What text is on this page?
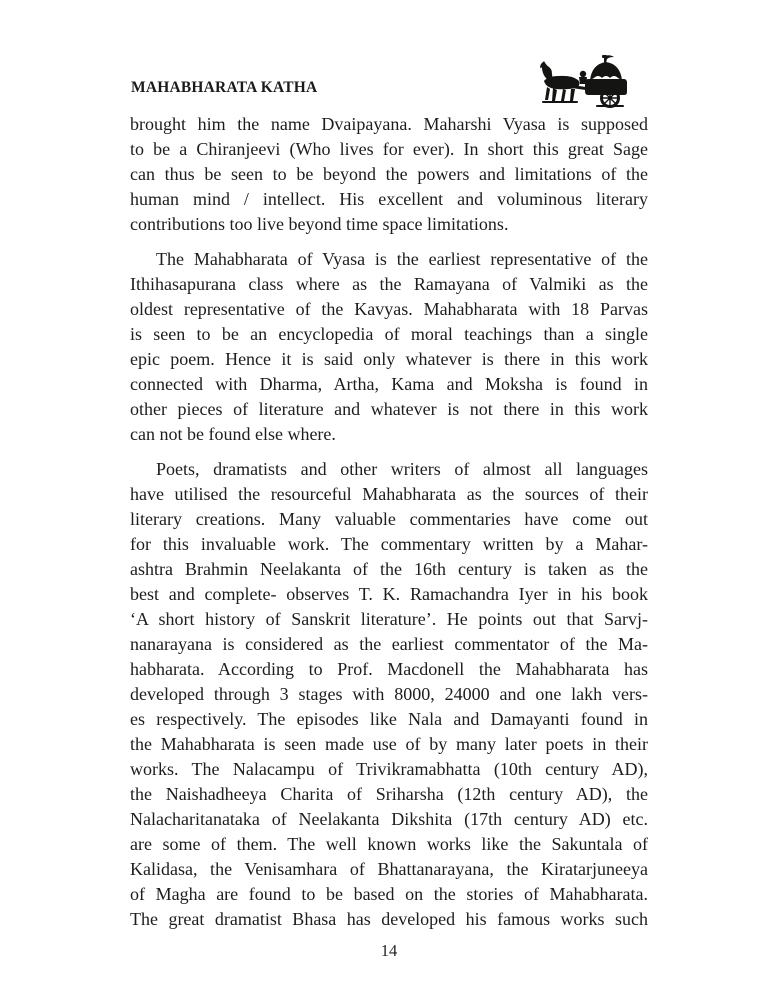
MAHABHARATA KATHA
brought him the name Dvaipayana. Maharshi Vyasa is supposed
to be a Chiranjeevi (Who lives for ever). In short this great Sage
can thus be seen to be beyond the powers and limitations of the
human mind / intellect. His excellent and voluminous literary
contributions too live beyond time space limitations.
The Mahabharata of Vyasa is the earliest representative of the
Ithihasapurana class where as the Ramayana of Valmiki as the
oldest representative of the Kavyas. Mahabharata with 18 Parvas
is seen to be an encyclopedia of moral teachings than a single
epic poem. Hence it is said only whatever is there in this work
connected with Dharma, Artha, Kama and Moksha is found in
other pieces of literature and whatever is not there in this work
can not be found else where.
Poets, dramatists and other writers of almost all languages
have utilised the resourceful Mahabharata as the sources of their
literary creations. Many valuable commentaries have come out
for this invaluable work. The commentary written by a Mahar-
ashtra Brahmin Neelakanta of the 16th century is taken as the
best and complete- observes T. K. Ramachandra Iyer in his book
‘A short history of Sanskrit literature’. He points out that Sarvj-
nanarayana is considered as the earliest commentator of the Ma-
habharata. According to Prof. Macdonell the Mahabharata has
developed through 3 stages with 8000, 24000 and one lakh vers-
es respectively. The episodes like Nala and Damayanti found in
the Mahabharata is seen made use of by many later poets in their
works. The Nalacampu of Trivikramabhatta (10th century AD),
the Naishadheeya Charita of Sriharsha (12th century AD), the
Nalacharitanataka of Neelakanta Dikshita (17th century AD) etc.
are some of them. The well known works like the Sakuntala of
Kalidasa, the Venisamhara of Bhattanarayana, the Kiratarjuneeya
of Magha are found to be based on the stories of Mahabharata.
The great dramatist Bhasa has developed his famous works such
14
